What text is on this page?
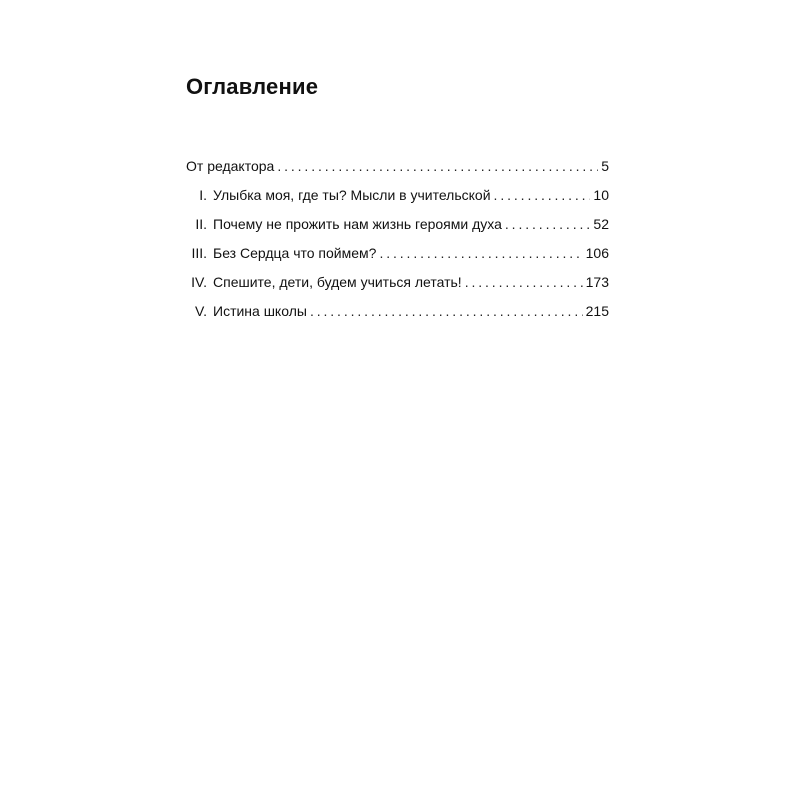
Оглавление
От редактора . . .	5
I. Улыбка моя, где ты? Мысли в учительской . . .	10
II. Почему не прожить нам жизнь героями духа . . .	52
III. Без Сердца что поймем? . . .	106
IV. Спешите, дети, будем учиться летать! . . .	173
V. Истина школы . . .	215
